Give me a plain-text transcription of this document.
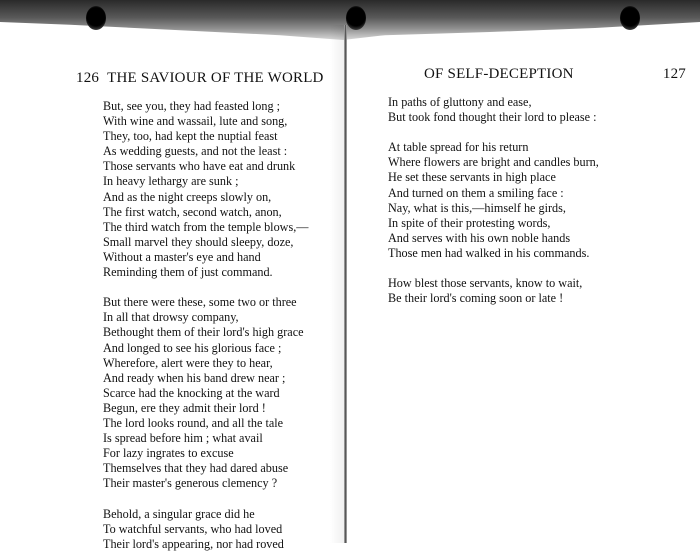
126 THE SAVIOUR OF THE WORLD
But, see you, they had feasted long ;
With wine and wassail, lute and song,
They, too, had kept the nuptial feast
As wedding guests, and not the least :
Those servants who have eat and drunk
In heavy lethargy are sunk ;
And as the night creeps slowly on,
The first watch, second watch, anon,
The third watch from the temple blows,—
Small marvel they should sleepy, doze,
Without a master's eye and hand
Reminding them of just command.
But there were these, some two or three
In all that drowsy company,
Bethought them of their lord's high grace
And longed to see his glorious face ;
Wherefore, alert were they to hear,
And ready when his band drew near ;
Scarce had the knocking at the ward
Begun, ere they admit their lord !
The lord looks round, and all the tale
Is spread before him ; what avail
For lazy ingrates to excuse
Themselves that they had dared abuse
Their master's generous clemency ?
Behold, a singular grace did he
To watchful servants, who had loved
Their lord's appearing, nor had roved
OF SELF-DECEPTION	127
In paths of gluttony and ease,
But took fond thought their lord to please :
At table spread for his return
Where flowers are bright and candles burn,
He set these servants in high place
And turned on them a smiling face :
Nay, what is this,—himself he girds,
In spite of their protesting words,
And serves with his own noble hands
Those men had walked in his commands.
How blest those servants, know to wait,
Be their lord's coming soon or late !
